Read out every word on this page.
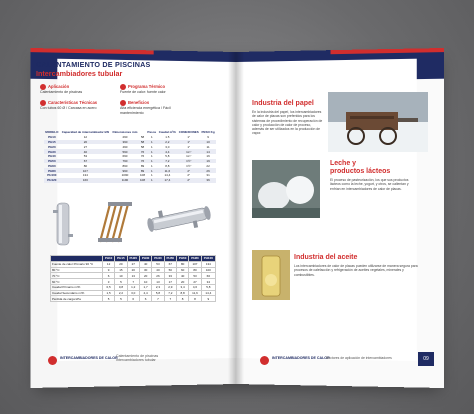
CALENTAMIENTO DE PISCINAS
Intercambiadores tubular
Aplicación
Calentamiento de piscinas
Programa Térmico
Fuente de calor: fuente calor
Características Técnicas
Con tubos 60 Ø / Carcasa en acero
Beneficios
Alta eficiencia energética / Fácil mantenimiento
MODELO	Capacidad de intercambiador kW	Dimensiones mm		Pasos	Caudal m³/h	CONEXIONES	PESO Kg
PH10	12	290	58	1	1.5	1"	9
PH15	20	390	58	1	2,2	1"	10
PH20	27	490	58	1	3,0	1"	11
PH30	40	590	76	1	4,4	1¼"	14
PH40	53	690	76	1	5,8	1¼"	16
PH50	67	790	76	1	7,2	1½"	19
PH60	80	890	89	1	8,8	1½"	22
PH80	107	990	89	1	11,6	2"	26
PH100	134	1090	108	1	14,4	2"	31
PH120	160	1190	108	1	17,4	2"	36
	PH10	PH15	PH20	PH30	PH40	PH50	PH60	PH80	PH100
Fuente de calor Primario 90 °C	12	20	27	40	53	67	80	107	134
80 °C	9	15	20	30	40	50	60	80	100
70 °C	6	10	13	20	26	33	40	53	66
60 °C	3	5	7	10	13	17	20	27	34
Caudal Primario m³/h	0,5	0,8	1,2	1,7	2,3	2,9	3,4	4,6	5,8
Caudal Secundario m³/h	1,5	2,2	3,0	4,4	5,8	7,2	8,8	11,6	14,4
Pérdida de carga kPa	5	5	6	6	7	7	8	8	9
INTERCAMBIADORES DE CALOR
Calentamiento de piscinas Intercambiadores tubular
SECTORES DE APLICACIÓN
DE INTERCAMBIADORES
Industria del papel
En la industria del papel, los intercambiadores de calor de placas son preferidos para los sistemas de procedimiento de recuperación de calor y producción de calor de proceso, además de ser utilizados en la producción de vapor.
Leche y
productos lácteos
El proceso de pasteurización, los que sus productos lácteos como la leche, yogurt, y otros, se calientan y enfrían en intercambiadores de calor de placas.
Industria del aceite
Los intercambiadores de calor de placas pueden utilizarse de manera segura para procesos de calefacción y refrigeración de aceites vegetales, minerales y combustibles.
INTERCAMBIADORES DE CALOR
Sectores de aplicación de intercambiadores	09
